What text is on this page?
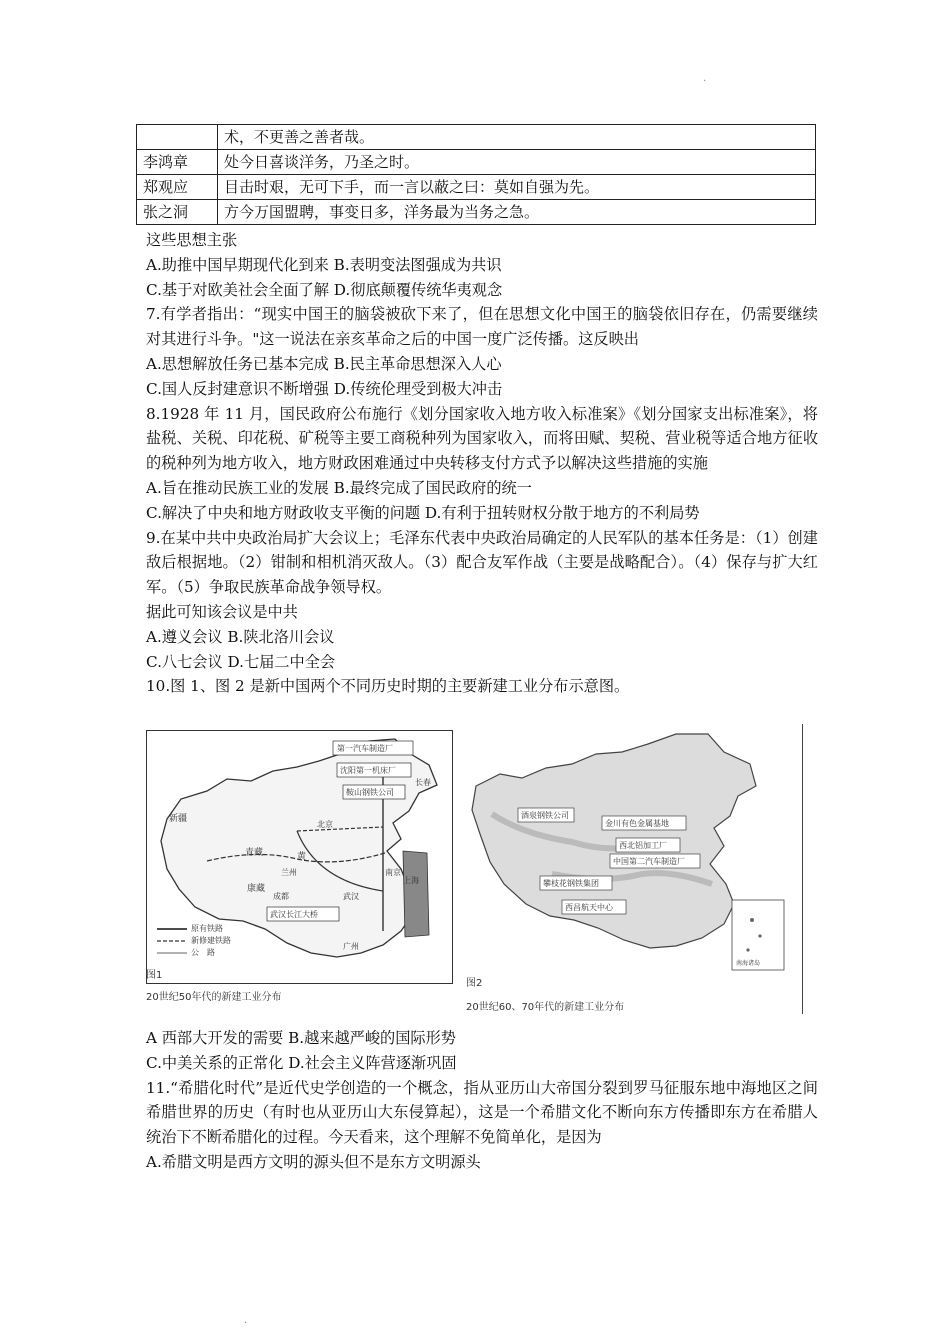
·
	术，不更善之善者哉。
李鸿章	处今日喜谈洋务，乃圣之时。
郑观应	目击时艰，无可下手，而一言以蔽之曰：莫如自强为先。
张之洞	方今万国盟聘，事变日多，洋务最为当务之急。

这些思想主张

A.助推中国早期现代化到来 B.表明变法图强成为共识

C.基于对欧美社会全面了解 D.彻底颠覆传统华夷观念

7.有学者指出：“现实中国王的脑袋被砍下来了，但在思想文化中国王的脑袋依旧存在，仍需要继续对其进行斗争。"这一说法在亲亥革命之后的中国一度广泛传播。这反映出

A.思想解放任务已基本完成 B.民主革命思想深入人心

C.国人反封建意识不断增强 D.传统伦理受到极大冲击

8.1928 年 11 月，国民政府公布施行《划分国家收入地方收入标准案》《划分国家支出标准案》，将盐税、关税、印花税、矿税等主要工商税种列为国家收入，而将田赋、契税、营业税等适合地方征收的税种列为地方收入，地方财政困难通过中央转移支付方式予以解决这些措施的实施

A.旨在推动民族工业的发展 B.最终完成了国民政府的统一

C.解决了中央和地方财政收支平衡的问题 D.有利于扭转财权分散于地方的不利局势

9.在某中共中央政治局扩大会议上；毛泽东代表中央政治局确定的人民军队的基本任务是：（1）创建敌后根据地。（2）钳制和相机消灭敌人。（3）配合友军作战（主要是战略配合）。（4）保存与扩大红军。（5）争取民族革命战争领导权。

据此可知该会议是中共

A.遵义会议 B.陕北洛川会议

C.八七会议 D.七届二中全会

10.图 1、图 2 是新中国两个不同历史时期的主要新建工业分布示意图。

第一汽车制造厂
沈阳第一机床厂
鞍山钢铁公司
长春
北京
武汉长江大桥
康藏
青藏
新疆
黄
兰州
成都	武汉
广州
南京
上海
原有铁路
新修建铁路
公　路
图1
20世纪50年代的新建工业分布
酒泉钢铁公司
金川有色金属基地
西北铝加工厂
中国第二汽车制造厂
攀枝花钢铁集团
西昌航天中心
南海诸岛
图2
20世纪60、70年代的新建工业分布

A 西部大开发的需要 B.越来越严峻的国际形势

C.中美关系的正常化 D.社会主义阵营逐渐巩固

11.“希腊化时代”是近代史学创造的一个概念，指从亚历山大帝国分裂到罗马征服东地中海地区之间希腊世界的历史（有时也从亚历山大东侵算起），这是一个希腊文化不断向东方传播即东方在希腊人统治下不断希腊化的过程。今天看来，这个理解不免简单化，是因为

A.希腊文明是西方文明的源头但不是东方文明源头

·
